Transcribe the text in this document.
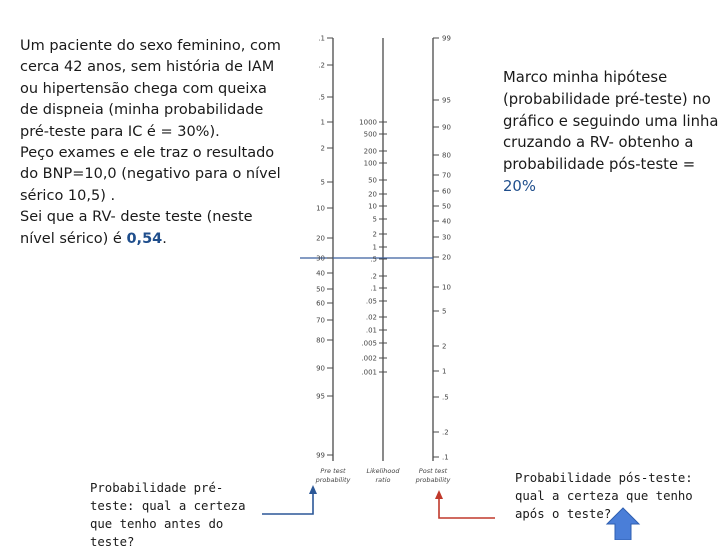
Um paciente do sexo feminino, com cerca 42 anos, sem história de IAM ou hipertensão chega com queixa de dispneia (minha probabilidade pré-teste para IC é = 30%).
Peço exames e ele traz o resultado do BNP=10,0 (negativo para o nível sérico 10,5) .
Sei que a RV- deste teste (neste nível sérico) é 0,54.
Marco minha hipótese (probabilidade pré-teste) no gráfico e seguindo uma linha cruzando a RV- obtenho a probabilidade pós-teste = 20%
.1
.2
.5
1
2
5
10
20
30
40
50
60
70
80
90
95
99
1000
500
200
100
50
20
10
5
2
1
.5
.2
.1
.05
.02
.01
.005
.002
.001
99
95
90
80
70
60
50
40
30
20
10
5
2
1
.5
.2
.1
Pre test
probability
Likelihood
ratio
Post test
probability
Probabilidade pré-teste: qual a certeza que tenho antes do teste?
Probabilidade pós-teste: qual a certeza que tenho após o teste?
